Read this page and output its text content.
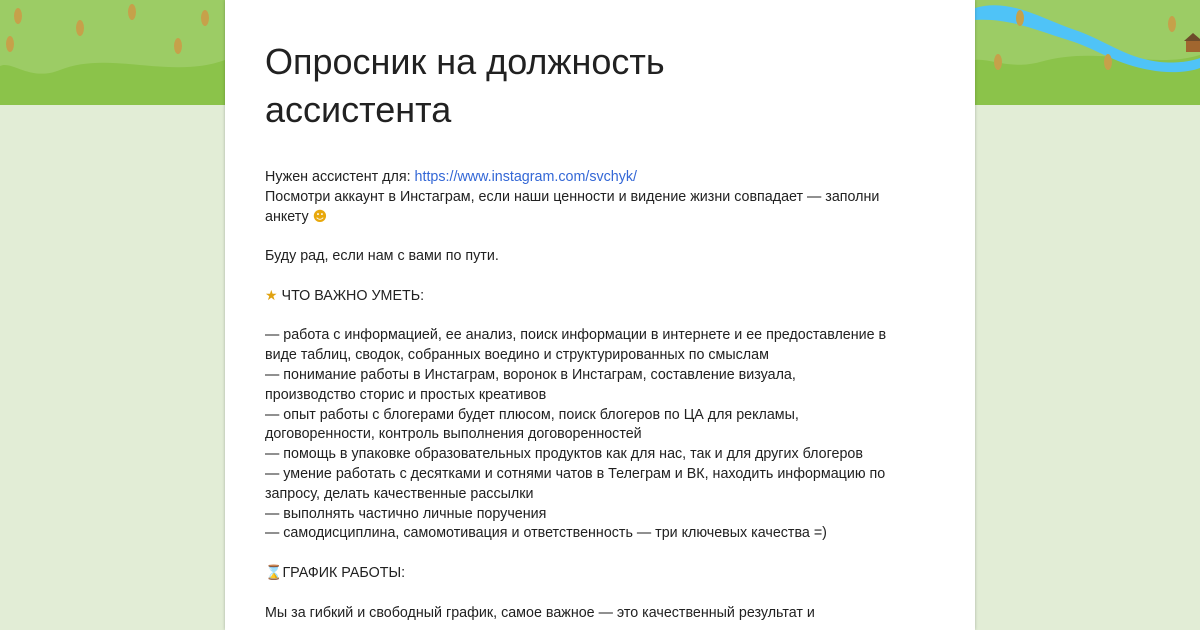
Опросник на должность ассистента
Нужен ассистент для: https://www.instagram.com/svchyk/
Посмотри аккаунт в Инстаграм, если наши ценности и видение жизни совпадает — заполни
анкету ☻
Буду рад, если нам с вами по пути.
★ ЧТО ВАЖНО УМЕТЬ:
— работа с информацией, ее анализ, поиск информации в интернете и ее предоставление в
виде таблиц, сводок, собранных воедино и структурированных по смыслам
— понимание работы в Инстаграм, воронок в Инстаграм, составление визуала,
производство сторис и простых креативов
— опыт работы с блогерами будет плюсом, поиск блогеров по ЦА для рекламы,
договоренности, контроль выполнения договоренностей
— помощь в упаковке образовательных продуктов как для нас, так и для других блогеров
— умение работать с десятками и сотнями чатов в Телеграм и ВК, находить информацию по
запросу, делать качественные рассылки
— выполнять частично личные поручения
— самодисциплина, самомотивация и ответственность — три ключевых качества =)
⌛ГРАФИК РАБОТЫ:
Мы за гибкий и свободный график, самое важное — это качественный результат и
